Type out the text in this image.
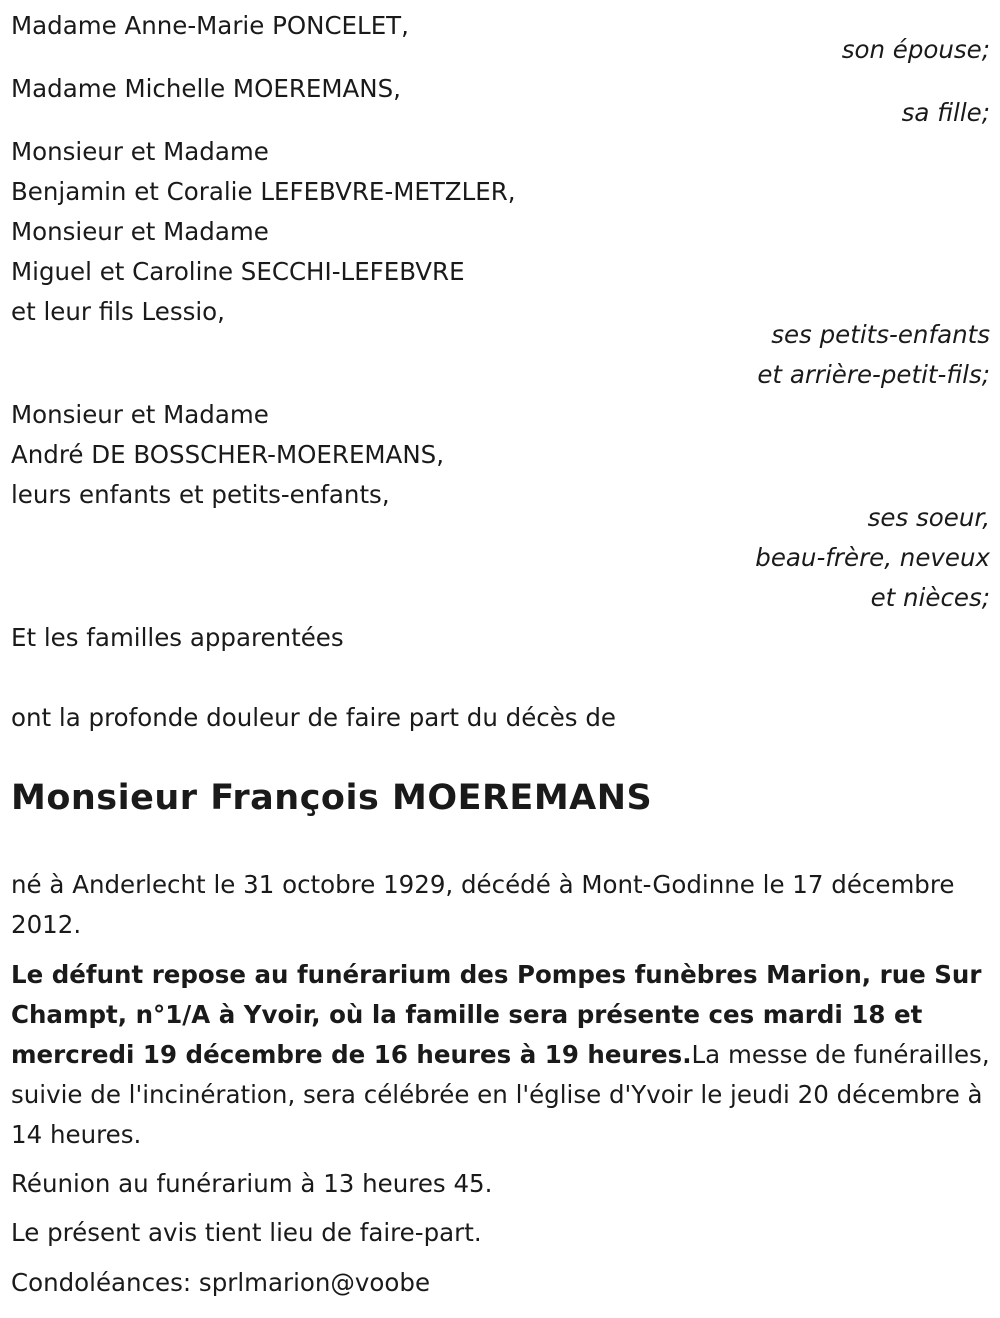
Madame Anne-Marie PONCELET,
son épouse;
Madame Michelle MOEREMANS,
sa fille;
Monsieur et Madame
Benjamin et Coralie LEFEBVRE-METZLER,
Monsieur et Madame
Miguel et Caroline SECCHI-LEFEBVRE
et leur fils Lessio,
ses petits-enfants
et arrière-petit-fils;
Monsieur et Madame
André DE BOSSCHER-MOEREMANS,
leurs enfants et petits-enfants,
ses soeur,
beau-frère, neveux
et nièces;
Et les familles apparentées
ont la profonde douleur de faire part du décès de
Monsieur François MOEREMANS
né à Anderlecht le 31 octobre 1929, décédé à Mont-Godinne le 17 décembre 2012.
Le défunt repose au funérarium des Pompes funèbres Marion, rue Sur Champt, n°1/A à Yvoir, où la famille sera présente ces mardi 18 et mercredi 19 décembre de 16 heures à 19 heures.La messe de funérailles, suivie de l'incinération, sera célébrée en l'église d'Yvoir le jeudi 20 décembre à 14 heures.
Réunion au funérarium à 13 heures 45.
Le présent avis tient lieu de faire-part.
Condoléances: sprlmarion@voobe
